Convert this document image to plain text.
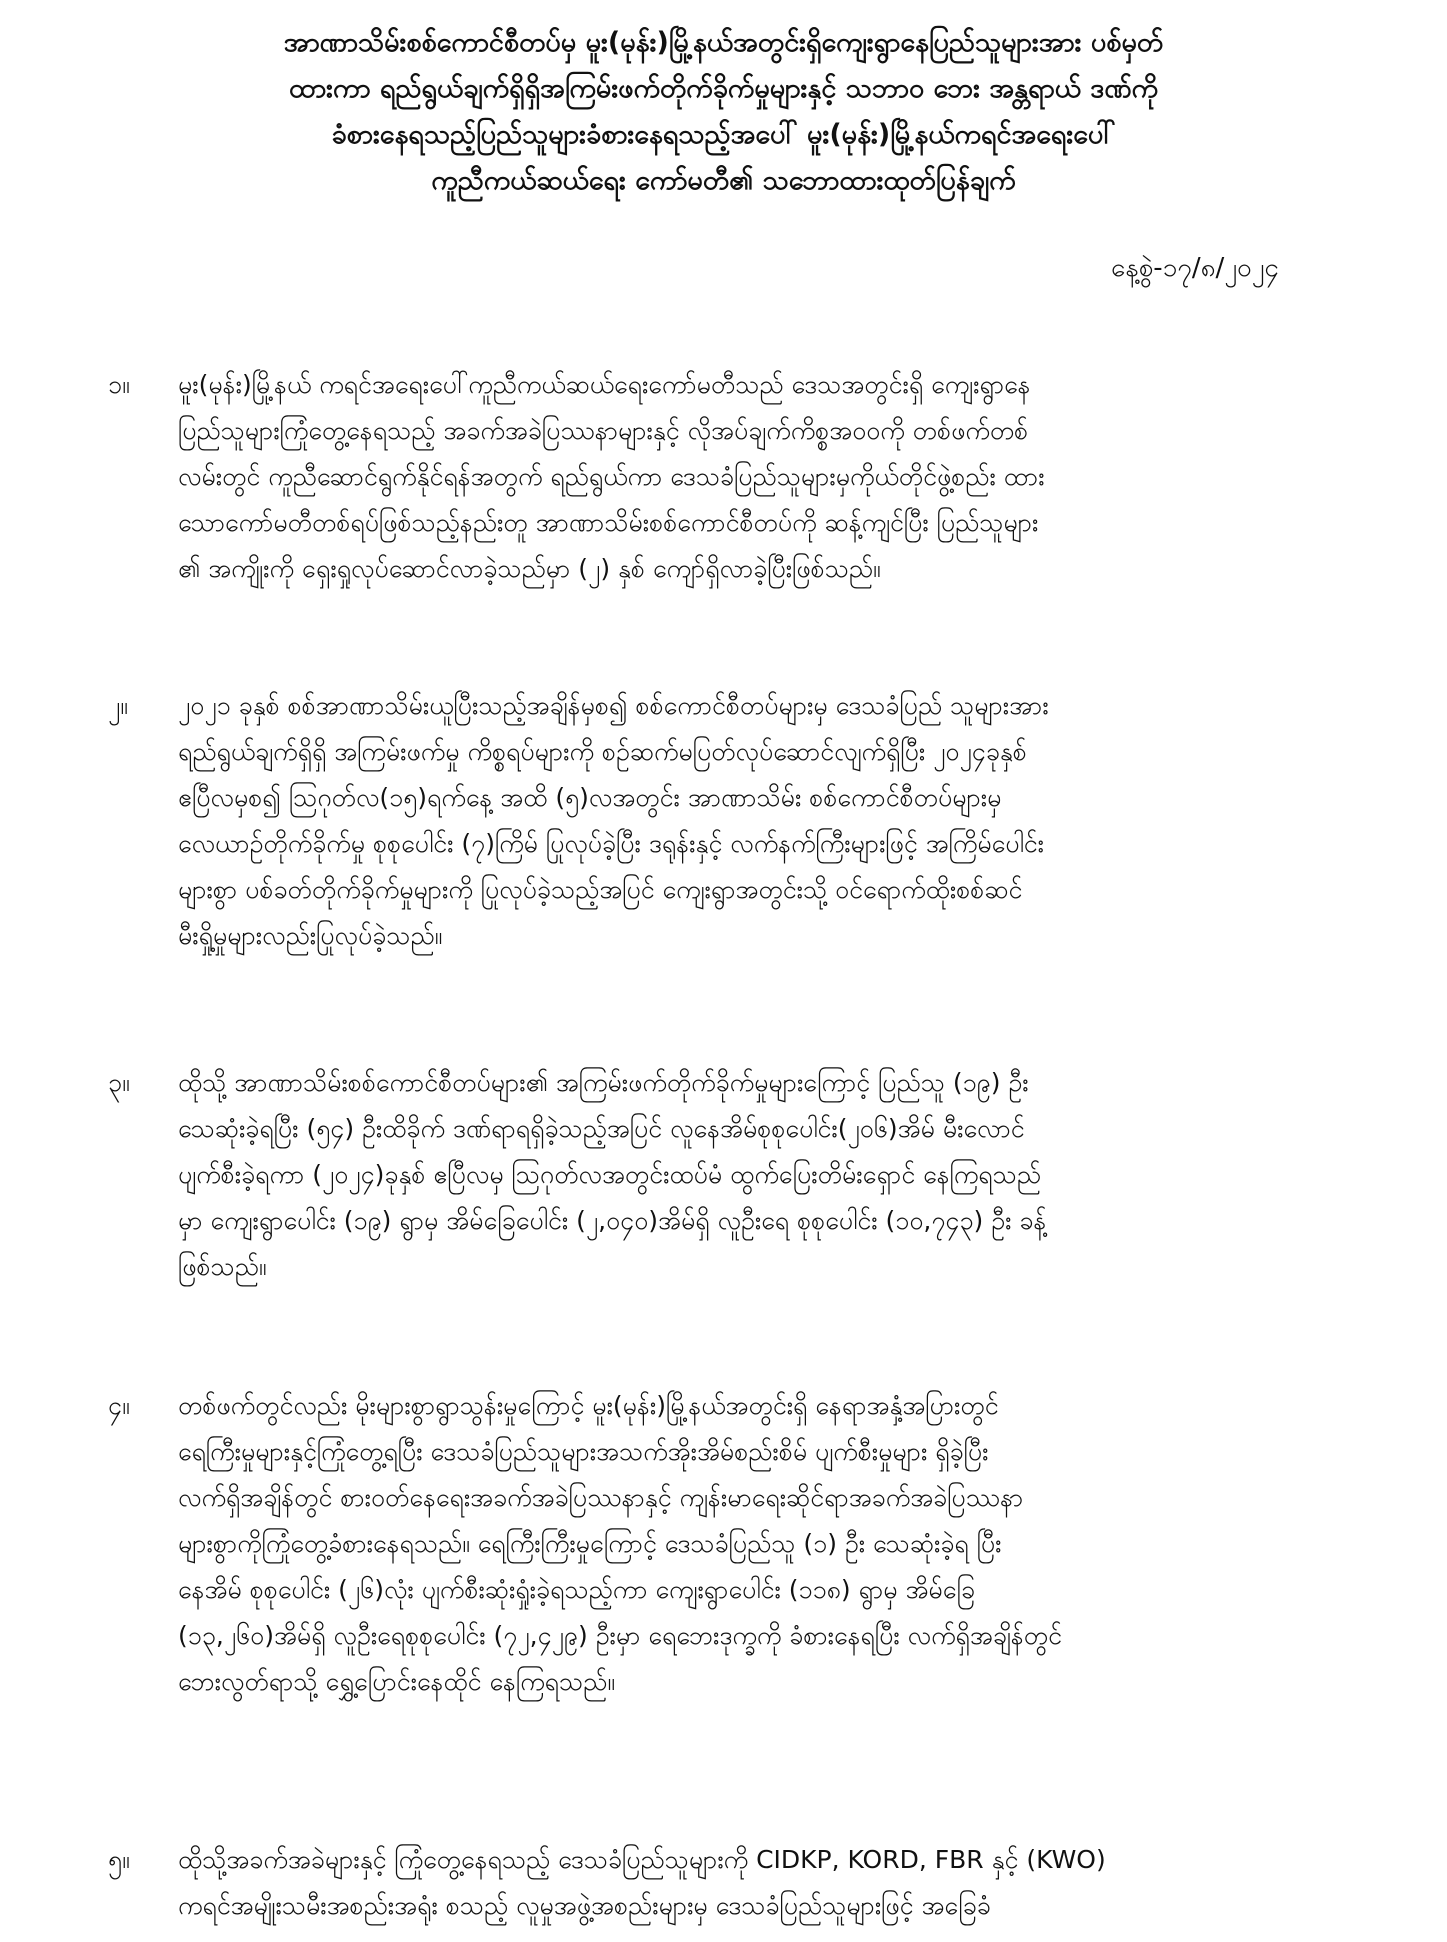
အာဏာသိမ်းစစ်ကောင်စီတပ်မှ မူး(မုန်း)မြို့နယ်အတွင်းရှိကျေးရွာနေပြည်သူများအား ပစ်မှတ်
ထားကာ ရည်ရွယ်ချက်ရှိရှိအကြမ်းဖက်တိုက်ခိုက်မှုများနှင့် သဘာဝ ဘေး အန္တရာယ် ဒဏ်ကို
ခံစားနေရသည့်ပြည်သူများခံစားနေရသည့်အပေါ် မူး(မုန်း)မြို့နယ်ကရင်အရေးပေါ်
ကူညီကယ်ဆယ်ရေး ကော်မတီ၏ သဘောထားထုတ်ပြန်ချက်
နေ့စွဲ-၁၇/၈/၂၀၂၄
၁။	မူး(မုန်း)မြို့နယ် ကရင်အရေးပေါ်ကူညီကယ်ဆယ်ရေးကော်မတီသည် ဒေသအတွင်းရှိ ကျေးရွာနေ
ပြည်သူများကြုံတွေ့နေရသည့် အခက်အခဲပြဿနာများနှင့် လိုအပ်ချက်ကိစ္စအဝဝကို တစ်ဖက်တစ်
လမ်းတွင် ကူညီဆောင်ရွက်နိုင်ရန်အတွက် ရည်ရွယ်ကာ ဒေသခံပြည်သူများမှကိုယ်တိုင်ဖွဲ့စည်း ထား
သောကော်မတီတစ်ရပ်ဖြစ်သည့်နည်းတူ အာဏာသိမ်းစစ်ကောင်စီတပ်ကို ဆန့်ကျင်ပြီး ပြည်သူများ
၏ အကျိုးကို ရှေးရှုလုပ်ဆောင်လာခဲ့သည်မှာ (၂) နှစ် ကျော်ရှိလာခဲ့ပြီးဖြစ်သည်။
၂။	၂၀၂၁ ခုနှစ် စစ်အာဏာသိမ်းယူပြီးသည့်အချိန်မှစ၍ စစ်ကောင်စီတပ်များမှ ဒေသခံပြည် သူများအား
ရည်ရွယ်ချက်ရှိရှိ အကြမ်းဖက်မှု ကိစ္စရပ်များကို စဉ်ဆက်မပြတ်လုပ်ဆောင်လျက်ရှိပြီး ၂၀၂၄ခုနှစ်
ဧပြီလမှစ၍ ဩဂုတ်လ(၁၅)ရက်နေ့ အထိ (၅)လအတွင်း အာဏာသိမ်း စစ်ကောင်စီတပ်များမှ
လေယာဉ်တိုက်ခိုက်မှု စုစုပေါင်း (၇)ကြိမ် ပြုလုပ်ခဲ့ပြီး ဒရုန်းနှင့် လက်နက်ကြီးများဖြင့် အကြိမ်ပေါင်း
များစွာ ပစ်ခတ်တိုက်ခိုက်မှုများကို ပြုလုပ်ခဲ့သည့်အပြင် ကျေးရွာအတွင်းသို့ ဝင်ရောက်ထိုးစစ်ဆင်
မီးရှို့မှုများလည်းပြုလုပ်ခဲ့သည်။
၃။	ထိုသို့ အာဏာသိမ်းစစ်ကောင်စီတပ်များ၏ အကြမ်းဖက်တိုက်ခိုက်မှုများကြောင့် ပြည်သူ (၁၉) ဦး
သေဆုံးခဲ့ရပြီး (၅၄) ဦးထိခိုက် ဒဏ်ရာရရှိခဲ့သည့်အပြင် လူနေအိမ်စုစုပေါင်း(၂၀၆)အိမ် မီးလောင်
ပျက်စီးခဲ့ရကာ (၂၀၂၄)ခုနှစ် ဧပြီလမှ ဩဂုတ်လအတွင်းထပ်မံ ထွက်ပြေးတိမ်းရှောင် နေကြရသည်
မှာ ကျေးရွာပေါင်း (၁၉) ရွာမှ အိမ်ခြေပေါင်း (၂,၀၄၀)အိမ်ရှိ လူဦးရေ စုစုပေါင်း (၁၀,၇၄၃) ဦး ခန့်
ဖြစ်သည်။
၄။	တစ်ဖက်တွင်လည်း မိုးများစွာရွာသွန်းမှုကြောင့် မူး(မုန်း)မြို့နယ်အတွင်းရှိ နေရာအနှံ့အပြားတွင်
ရေကြီးမှုများနှင့်ကြုံတွေ့ရပြီး ဒေသခံပြည်သူများအသက်အိုးအိမ်စည်းစိမ် ပျက်စီးမှုများ ရှိခဲ့ပြီး
လက်ရှိအချိန်တွင် စားဝတ်နေရေးအခက်အခဲပြဿနာနှင့် ကျန်းမာရေးဆိုင်ရာအခက်အခဲပြဿနာ
များစွာကိုကြုံတွေ့ခံစားနေရသည်။ ရေကြီးကြီးမှုကြောင့် ဒေသခံပြည်သူ (၁) ဦး သေဆုံးခဲ့ရ ပြီး
နေအိမ် စုစုပေါင်း (၂၆)လုံး ပျက်စီးဆုံးရှုံးခဲ့ရသည့်ကာ ကျေးရွာပေါင်း (၁၁၈) ရွာမှ အိမ်ခြေ
(၁၃,၂၆၀)အိမ်ရှိ လူဦးရေစုစုပေါင်း (၇၂,၄၂၉) ဦးမှာ ရေဘေးဒုက္ခကို ခံစားနေရပြီး လက်ရှိအချိန်တွင်
ဘေးလွတ်ရာသို့ ရွှေ့ပြောင်းနေထိုင် နေကြရသည်။
၅။	ထိုသို့အခက်အခဲများနှင့် ကြုံတွေ့နေရသည့် ဒေသခံပြည်သူများကို CIDKP, KORD, FBR နှင့် (KWO)
ကရင်အမျိုးသမီးအစည်းအရုံး စသည့် လူမှုအဖွဲ့အစည်းများမှ ဒေသခံပြည်သူများဖြင့် အခြေခံ
